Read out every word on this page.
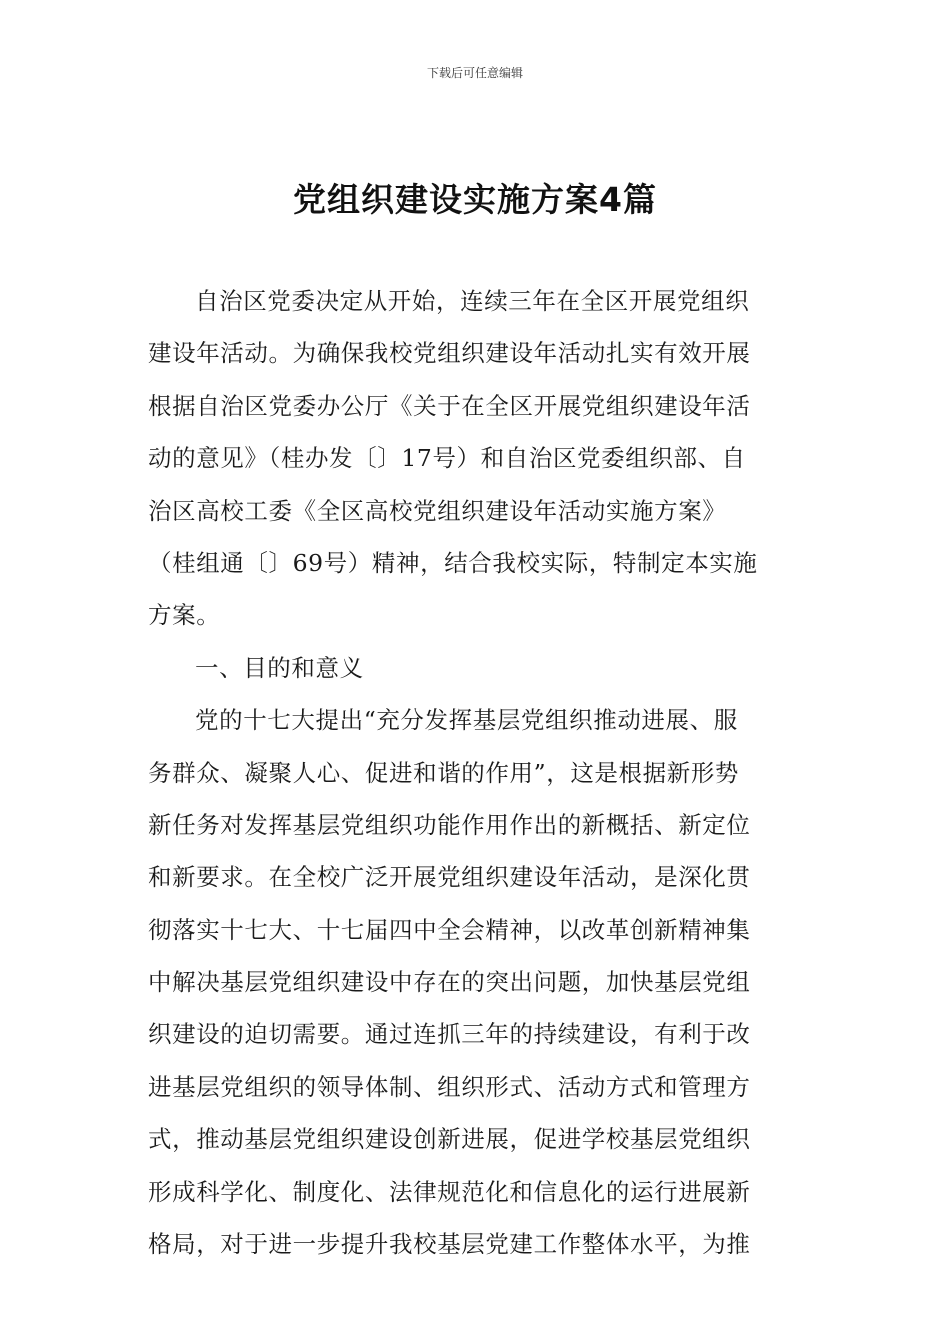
下载后可任意编辑
党组织建设实施方案4篇
自治区党委决定从开始，连续三年在全区开展党组织
建设年活动。为确保我校党组织建设年活动扎实有效开展
根据自治区党委办公厅《关于在全区开展党组织建设年活
动的意见》（桂办发〔〕17号）和自治区党委组织部、自
治区高校工委《全区高校党组织建设年活动实施方案》
（桂组通〔〕69号）精神，结合我校实际，特制定本实施
方案。
一、目的和意义
党的十七大提出“充分发挥基层党组织推动进展、服
务群众、凝聚人心、促进和谐的作用”，这是根据新形势
新任务对发挥基层党组织功能作用作出的新概括、新定位
和新要求。在全校广泛开展党组织建设年活动，是深化贯
彻落实十七大、十七届四中全会精神，以改革创新精神集
中解决基层党组织建设中存在的突出问题，加快基层党组
织建设的迫切需要。通过连抓三年的持续建设，有利于改
进基层党组织的领导体制、组织形式、活动方式和管理方
式，推动基层党组织建设创新进展，促进学校基层党组织
形成科学化、制度化、法律规范化和信息化的运行进展新
格局，对于进一步提升我校基层党建工作整体水平，为推
